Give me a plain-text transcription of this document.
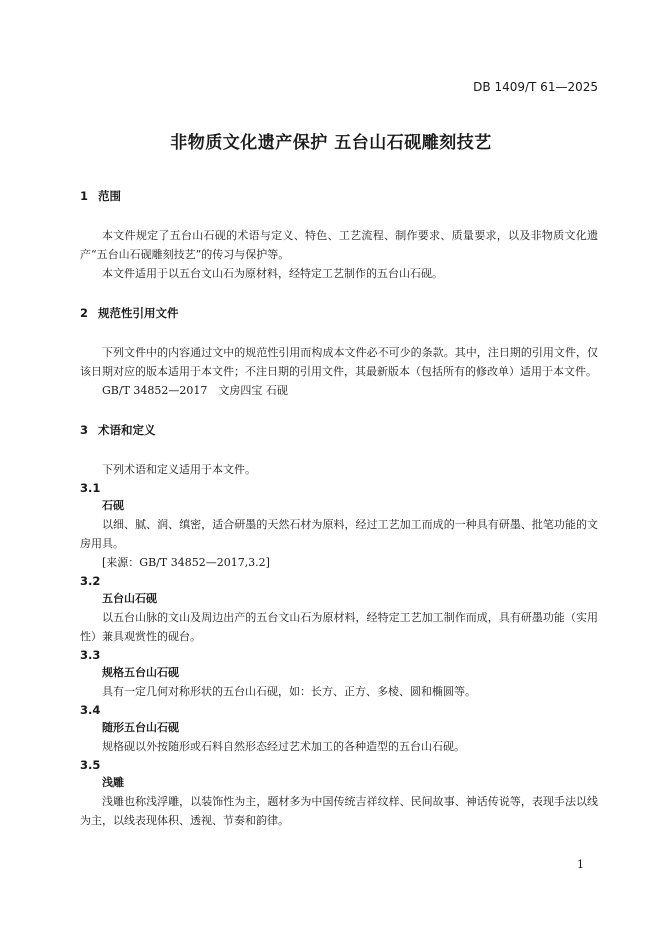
DB 1409/T 61—2025
非物质文化遗产保护 五台山石砚雕刻技艺

1 范围

本文件规定了五台山石砚的术语与定义、特色、工艺流程、制作要求、质量要求，以及非物质文化遗产“五台山石砚雕刻技艺”的传习与保护等。

本文件适用于以五台文山石为原材料，经特定工艺制作的五台山石砚。

2 规范性引用文件

下列文件中的内容通过文中的规范性引用而构成本文件必不可少的条款。其中，注日期的引用文件，仅该日期对应的版本适用于本文件；不注日期的引用文件，其最新版本（包括所有的修改单）适用于本文件。

GB/T 34852—2017　文房四宝 石砚

3 术语和定义

下列术语和定义适用于本文件。

3.1

石砚

以细、腻、润、缜密，适合研墨的天然石材为原料，经过工艺加工而成的一种具有研墨、批笔功能的文房用具。

[来源：GB/T 34852—2017,3.2]

3.2

五台山石砚

以五台山脉的文山及周边出产的五台文山石为原材料，经特定工艺加工制作而成，具有研墨功能（实用性）兼具观赏性的砚台。

3.3

规格五台山石砚

具有一定几何对称形状的五台山石砚，如：长方、正方、多棱、圆和椭圆等。

3.4

随形五台山石砚

规格砚以外按随形或石料自然形态经过艺术加工的各种造型的五台山石砚。

3.5

浅雕

浅雕也称浅浮雕，以装饰性为主，题材多为中国传统吉祥纹样、民间故事、神话传说等，表现手法以线为主，以线表现体积、透视、节奏和韵律。

1
